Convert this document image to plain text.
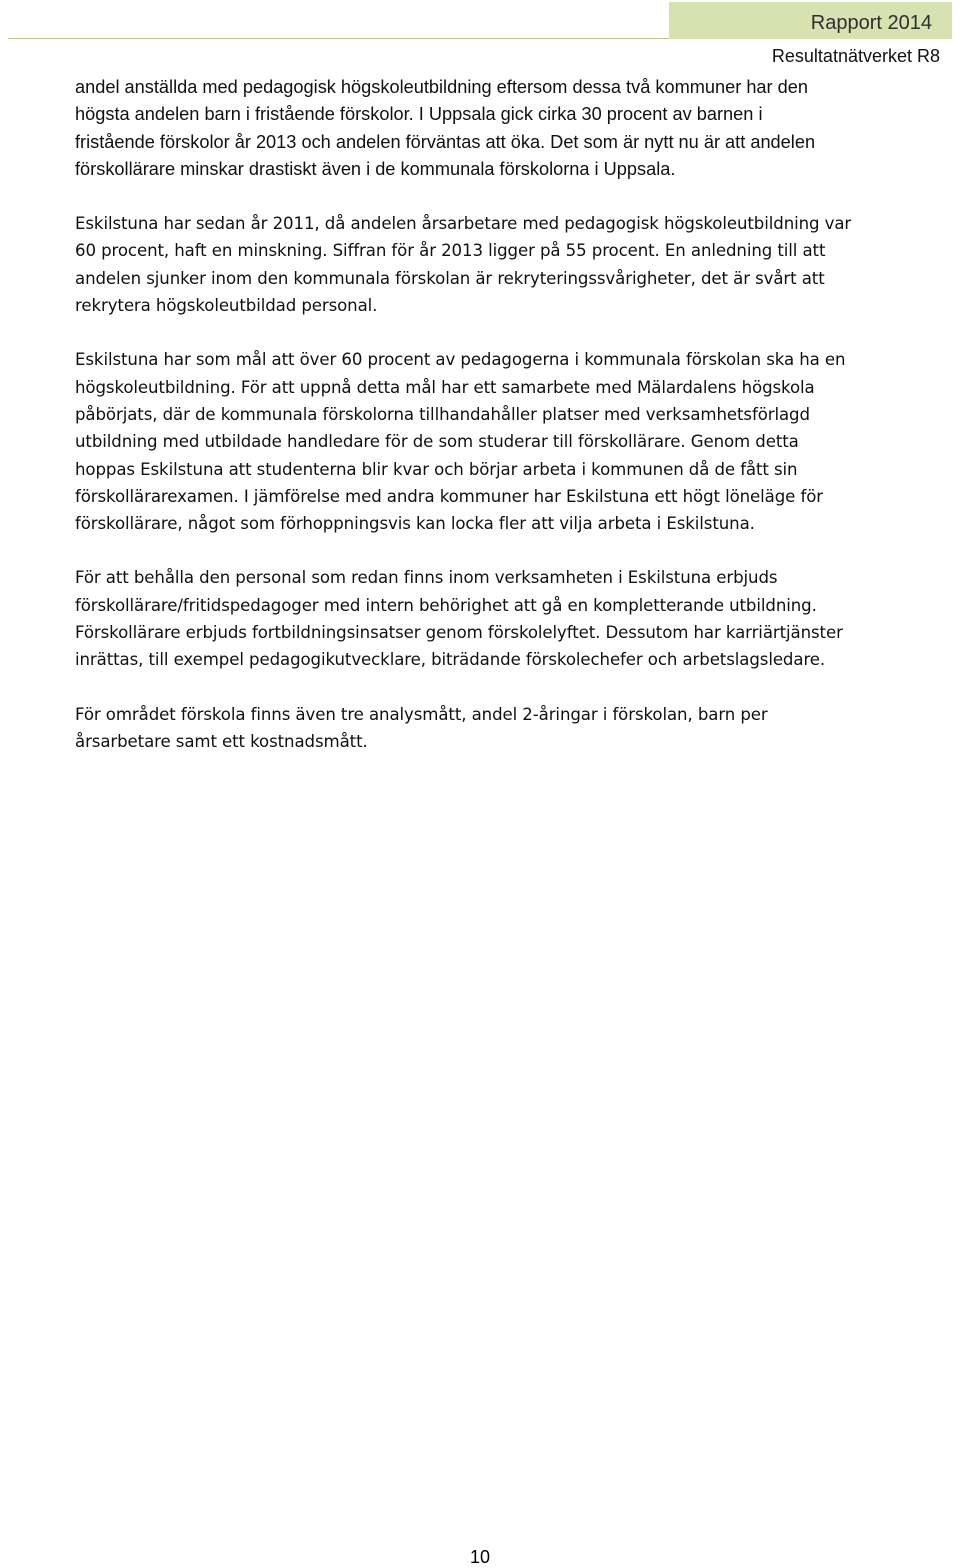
Rapport 2014
Resultatnätverket R8

andel anställda med pedagogisk högskoleutbildning eftersom dessa två kommuner har den
högsta andelen barn i fristående förskolor. I Uppsala gick cirka 30 procent av barnen i
fristående förskolor år 2013 och andelen förväntas att öka. Det som är nytt nu är att andelen
förskollärare minskar drastiskt även i de kommunala förskolorna i Uppsala.

Eskilstuna har sedan år 2011, då andelen årsarbetare med pedagogisk högskoleutbildning var
60 procent, haft en minskning. Siffran för år 2013 ligger på 55 procent. En anledning till att
andelen sjunker inom den kommunala förskolan är rekryteringssvårigheter, det är svårt att
rekrytera högskoleutbildad personal.

Eskilstuna har som mål att över 60 procent av pedagogerna i kommunala förskolan ska ha en
högskoleutbildning. För att uppnå detta mål har ett samarbete med Mälardalens högskola
påbörjats, där de kommunala förskolorna tillhandahåller platser med verksamhetsförlagd
utbildning med utbildade handledare för de som studerar till förskollärare. Genom detta
hoppas Eskilstuna att studenterna blir kvar och börjar arbeta i kommunen då de fått sin
förskollärarexamen. I jämförelse med andra kommuner har Eskilstuna ett högt löneläge för
förskollärare, något som förhoppningsvis kan locka fler att vilja arbeta i Eskilstuna.

För att behålla den personal som redan finns inom verksamheten i Eskilstuna erbjuds
förskollärare/fritidspedagoger med intern behörighet att gå en kompletterande utbildning.
Förskollärare erbjuds fortbildningsinsatser genom förskolelyftet. Dessutom har karriärtjänster
inrättas, till exempel pedagogikutvecklare, biträdande förskolechefer och arbetslagsledare.

För området förskola finns även tre analysmått, andel 2-åringar i förskolan, barn per
årsarbetare samt ett kostnadsmått.

10
